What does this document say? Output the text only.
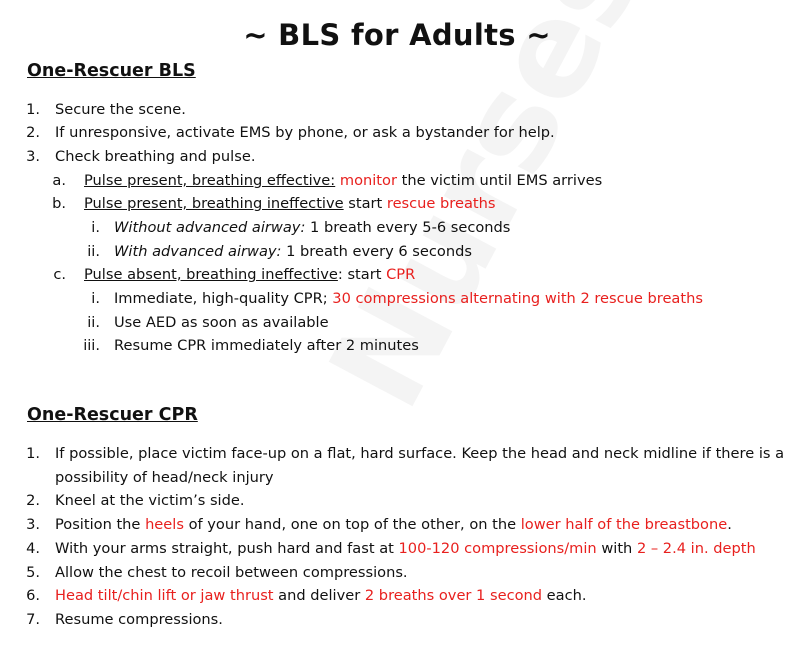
~ BLS for Adults ~
One-Rescuer BLS
1. Secure the scene.
2. If unresponsive, activate EMS by phone, or ask a bystander for help.
3. Check breathing and pulse.
a. Pulse present, breathing effective: monitor the victim until EMS arrives
b. Pulse present, breathing ineffective start rescue breaths
i. Without advanced airway: 1 breath every 5-6 seconds
ii. With advanced airway: 1 breath every 6 seconds
c. Pulse absent, breathing ineffective: start CPR
i. Immediate, high-quality CPR; 30 compressions alternating with 2 rescue breaths
ii. Use AED as soon as available
iii. Resume CPR immediately after 2 minutes
One-Rescuer CPR
1. If possible, place victim face-up on a flat, hard surface. Keep the head and neck midline if there is a
possibility of head/neck injury
2. Kneel at the victim’s side.
3. Position the heels of your hand, one on top of the other, on the lower half of the breastbone.
4. With your arms straight, push hard and fast at 100-120 compressions/min with 2 – 2.4 in. depth
5. Allow the chest to recoil between compressions.
6. Head tilt/chin lift or jaw thrust and deliver 2 breaths over 1 second each.
7. Resume compressions.
